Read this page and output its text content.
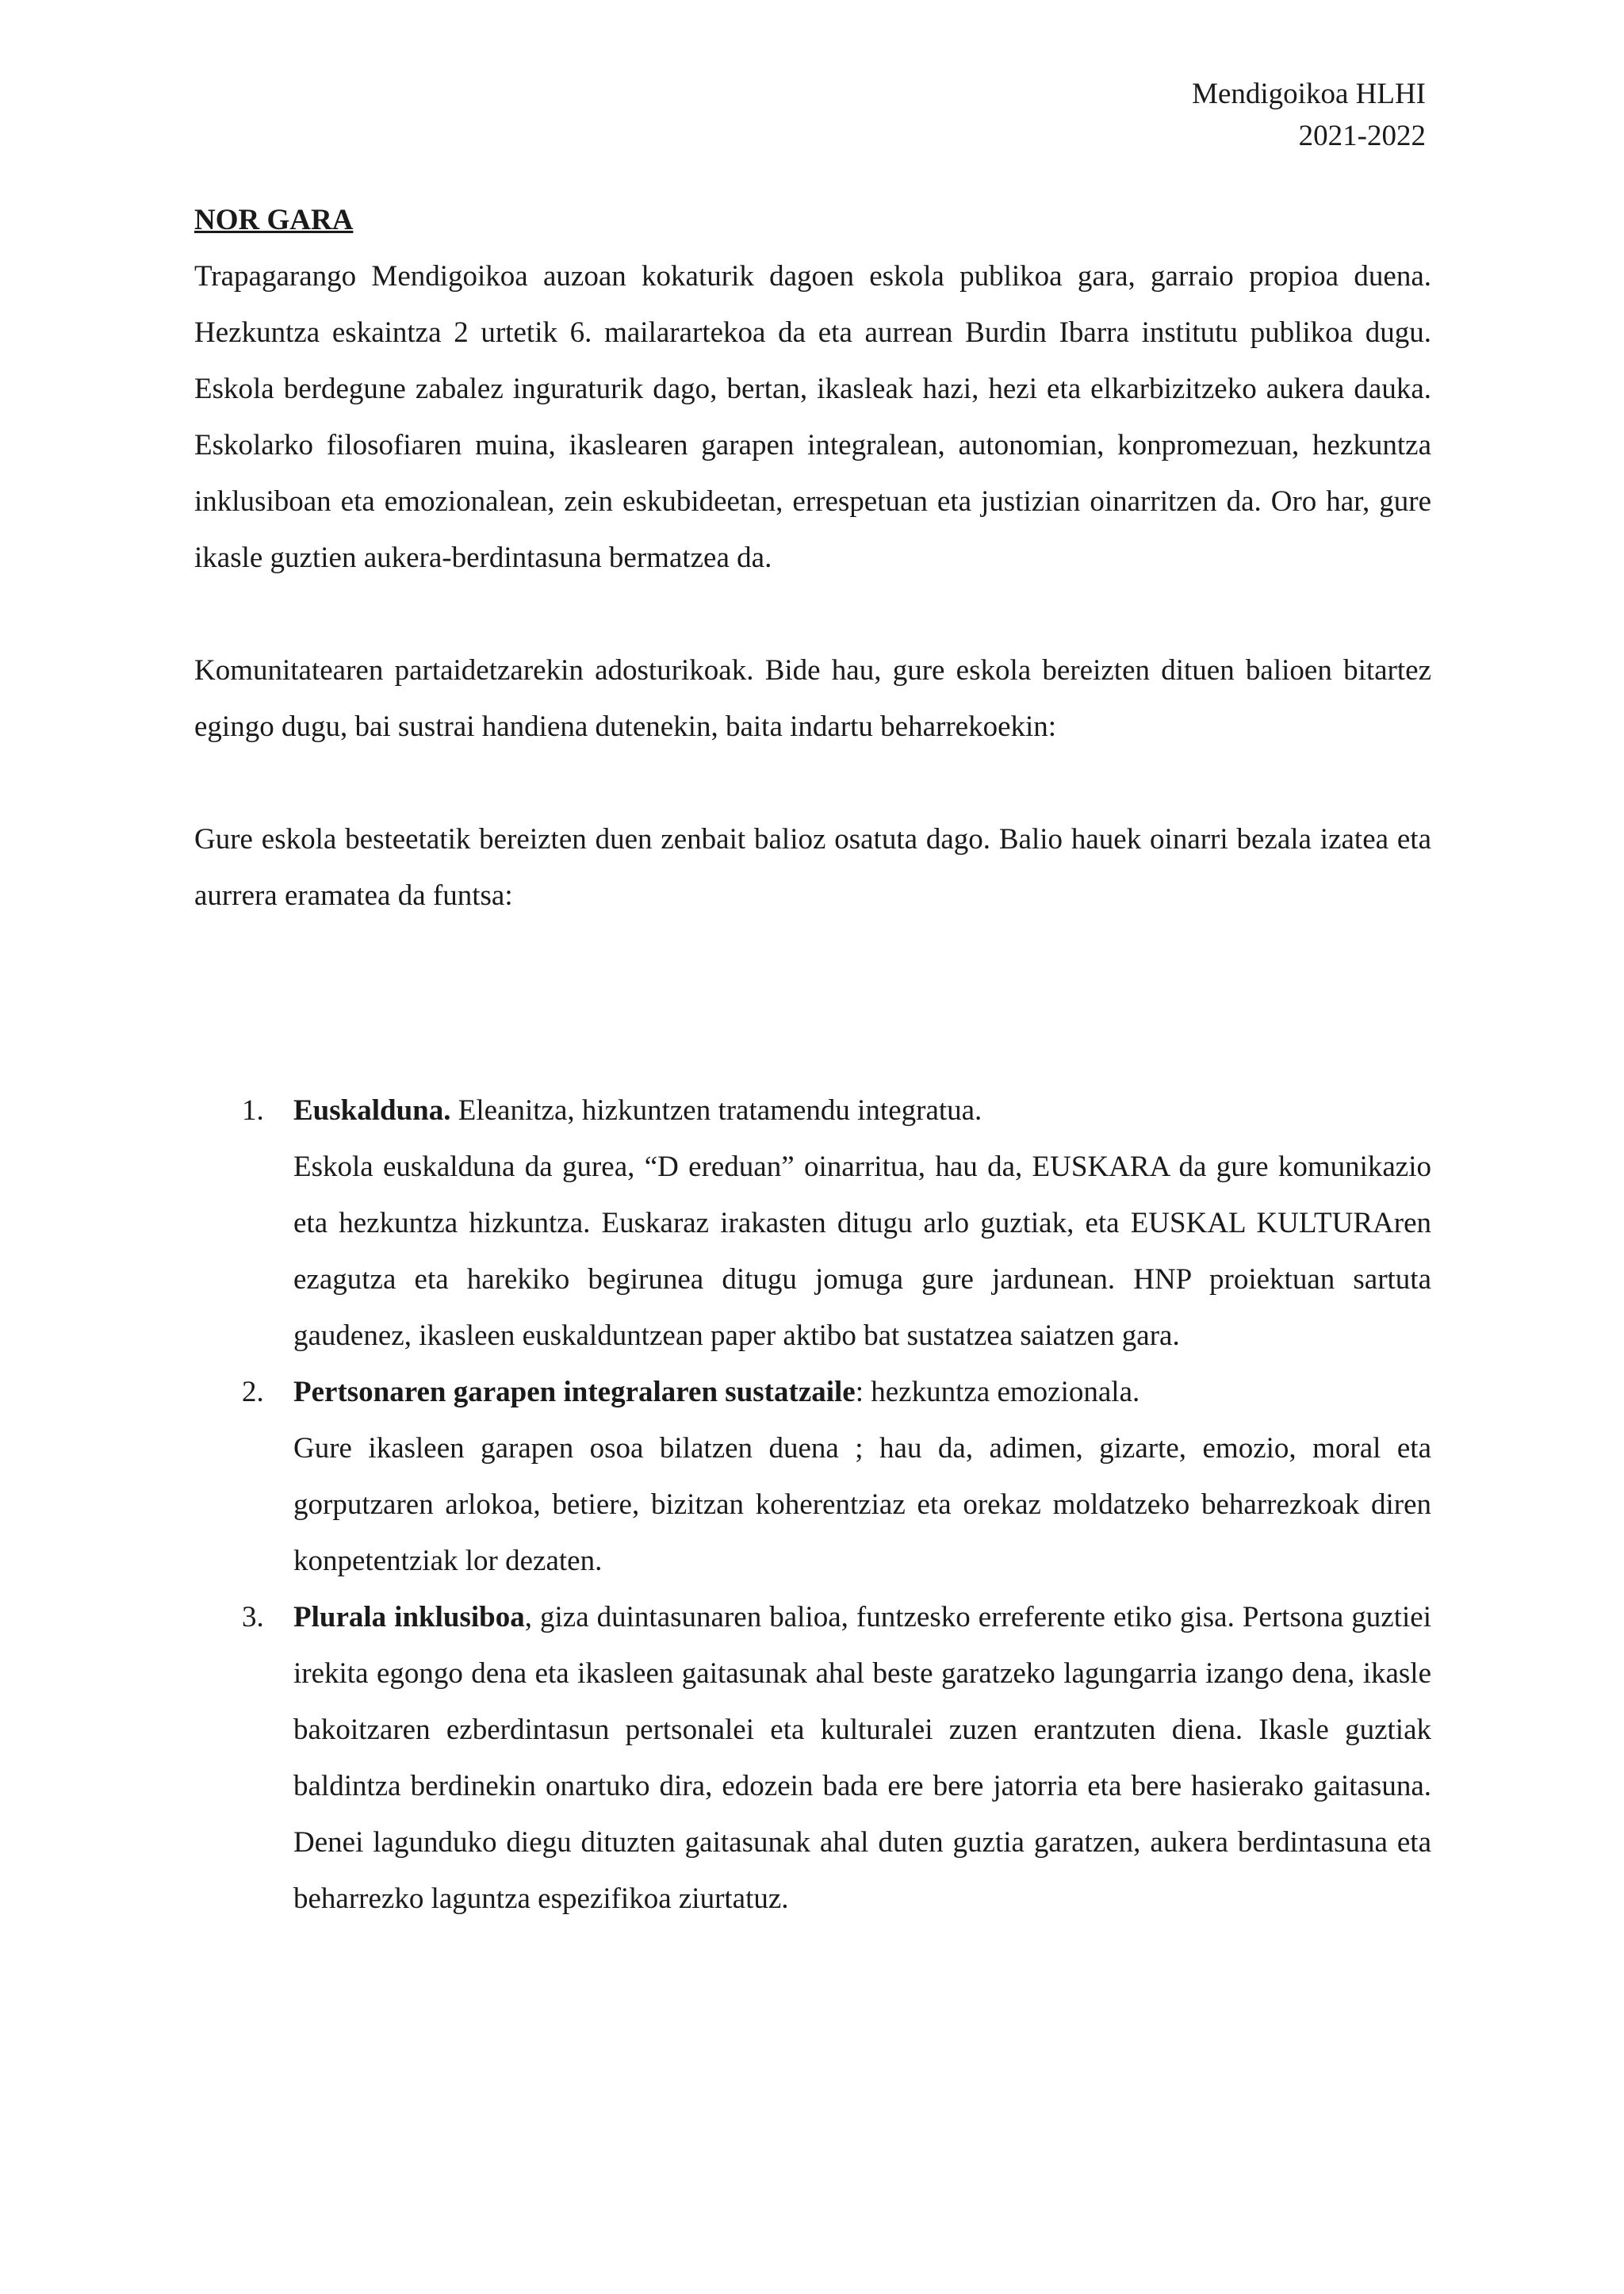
Mendigoikoa HLHI
2021-2022

NOR GARA

Trapagarango Mendigoikoa auzoan kokaturik dagoen eskola publikoa gara, garraio propioa duena. Hezkuntza eskaintza 2 urtetik 6. mailarartekoa da eta aurrean Burdin Ibarra institutu publikoa dugu. Eskola berdegune zabalez inguraturik dago, bertan, ikasleak hazi, hezi eta elkarbizitzeko aukera dauka. Eskolarko filosofiaren muina, ikaslearen garapen integralean, autonomian, konpromezuan, hezkuntza inklusiboan eta emozionalean, zein eskubideetan, errespetuan eta justizian oinarritzen da. Oro har, gure ikasle guztien aukera-berdintasuna bermatzea da.

Komunitatearen partaidetzarekin adosturikoak. Bide hau, gure eskola bereizten dituen balioen bitartez egingo dugu, bai sustrai handiena dutenekin, baita indartu beharrekoekin:

Gure eskola besteetatik bereizten duen zenbait balioz osatuta dago. Balio hauek oinarri bezala izatea eta aurrera eramatea da funtsa:

1. Euskalduna. Eleanitza, hizkuntzen tratamendu integratua.
Eskola euskalduna da gurea, “D ereduan” oinarritua, hau da, EUSKARA da gure komunikazio eta hezkuntza hizkuntza. Euskaraz irakasten ditugu arlo guztiak, eta EUSKAL KULTURAren ezagutza eta harekiko begirunea ditugu jomuga gure jardunean. HNP proiektuan sartuta gaudenez, ikasleen euskalduntzean paper aktibo bat sustatzea saiatzen gara.
2. Pertsonaren garapen integralaren sustatzaile: hezkuntza emozionala.
Gure ikasleen garapen osoa bilatzen duena ; hau da, adimen, gizarte, emozio, moral eta gorputzaren arlokoa, betiere, bizitzan koherentziaz eta orekaz moldatzeko beharrezkoak diren konpetentziak lor dezaten.
3. Plurala inklusiboa, giza duintasunaren balioa, funtzesko erreferente etiko gisa. Pertsona guztiei irekita egongo dena eta ikasleen gaitasunak ahal beste garatzeko lagungarria izango dena, ikasle bakoitzaren ezberdintasun pertsonalei eta kulturalei zuzen erantzuten diena. Ikasle guztiak baldintza berdinekin onartuko dira, edozein bada ere bere jatorria eta bere hasierako gaitasuna. Denei lagunduko diegu dituzten gaitasunak ahal duten guztia garatzen, aukera berdintasuna eta beharrezko laguntza espezifikoa ziurtatuz.
